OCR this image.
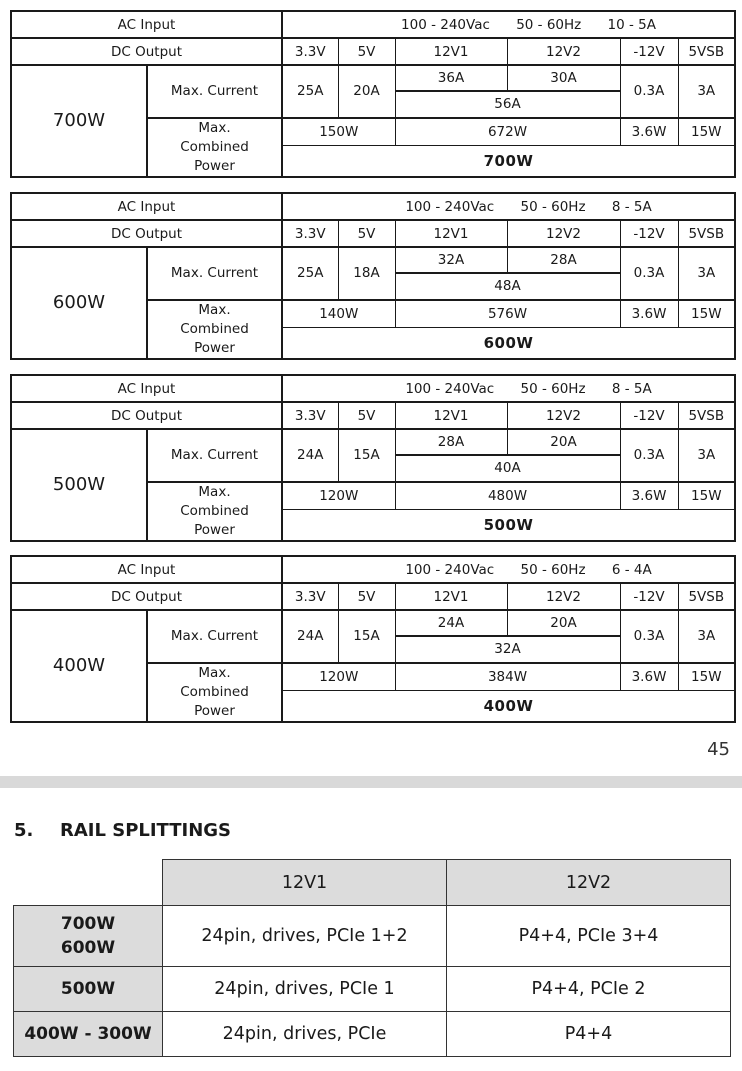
AC Input		100 - 240Vac 50 - 60Hz 10 - 5A					
DC Output		3.3V	5V	12V1	12V2	-12V	5VSB
700W	Max. Current	25A	20A	36A	30A	0.3A	3A
				56A			

	Max. Combined Power	150W		672W		3.6W	15W
		700W					
AC Input		100 - 240Vac 50 - 60Hz 8 - 5A					
DC Output		3.3V	5V	12V1	12V2	-12V	5VSB
600W	Max. Current	25A	18A	32A	28A	0.3A	3A
				48A			

	Max. Combined Power	140W		576W		3.6W	15W
		600W					
AC Input		100 - 240Vac 50 - 60Hz 8 - 5A					
DC Output		3.3V	5V	12V1	12V2	-12V	5VSB
500W	Max. Current	24A	15A	28A	20A	0.3A	3A
				40A			

	Max. Combined Power	120W		480W		3.6W	15W
		500W					
AC Input		100 - 240Vac 50 - 60Hz 6 - 4A					
DC Output		3.3V	5V	12V1	12V2	-12V	5VSB
400W	Max. Current	24A	15A	24A	20A	0.3A	3A
				32A			

	Max. Combined Power	120W		384W		3.6W	15W
		400W					
45
5. RAIL SPLITTINGS
	12V1	12V2

700W
600W	24pin, drives, PCIe 1+2	P4+4, PCIe 3+4
500W	24pin, drives, PCIe 1	P4+4, PCIe 2
400W - 300W	24pin, drives, PCIe	P4+4
